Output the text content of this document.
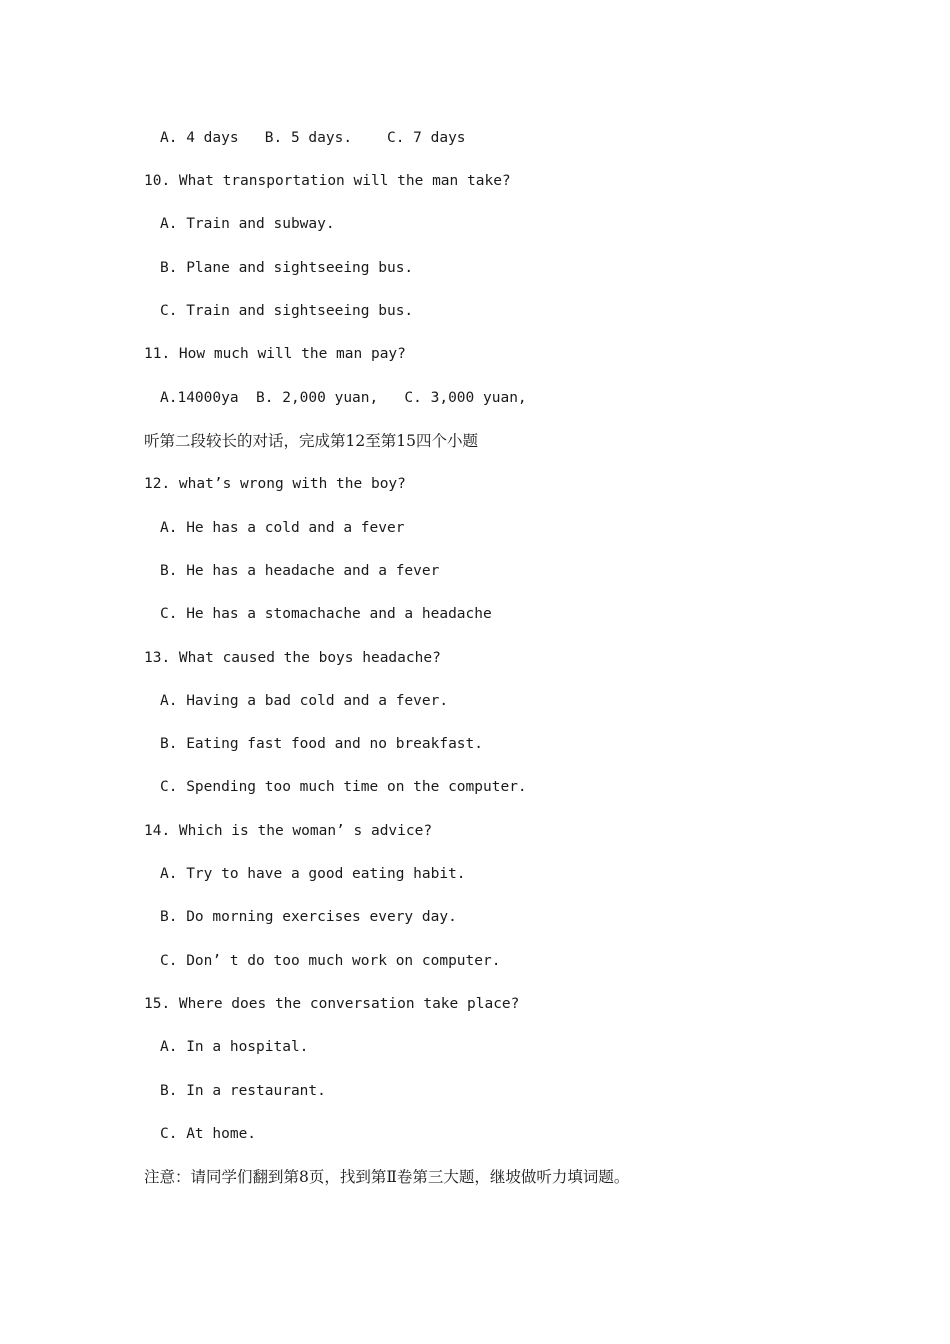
A. 4 days   B. 5 days.    C. 7 days
10. What transportation will the man take?
A. Train and subway.
B. Plane and sightseeing bus.
C. Train and sightseeing bus.
11. How much will the man pay?
A.14000ya  B. 2,000 yuan,   C. 3,000 yuan,
听第二段较长的对话，完成第12至第15四个小题
12. what’s wrong with the boy?
A. He has a cold and a fever
B. He has a headache and a fever
C. He has a stomachache and a headache
13. What caused the boys headache?
A. Having a bad cold and a fever.
B. Eating fast food and no breakfast.
C. Spending too much time on the computer.
14. Which is the woman’ s advice?
A. Try to have a good eating habit.
B. Do morning exercises every day.
C. Don’ t do too much work on computer.
15. Where does the conversation take place?
A. In a hospital.
B. In a restaurant.
C. At home.
注意：请同学们翻到第8页，找到第Ⅱ卷第三大题，继坡做听力填词题。
